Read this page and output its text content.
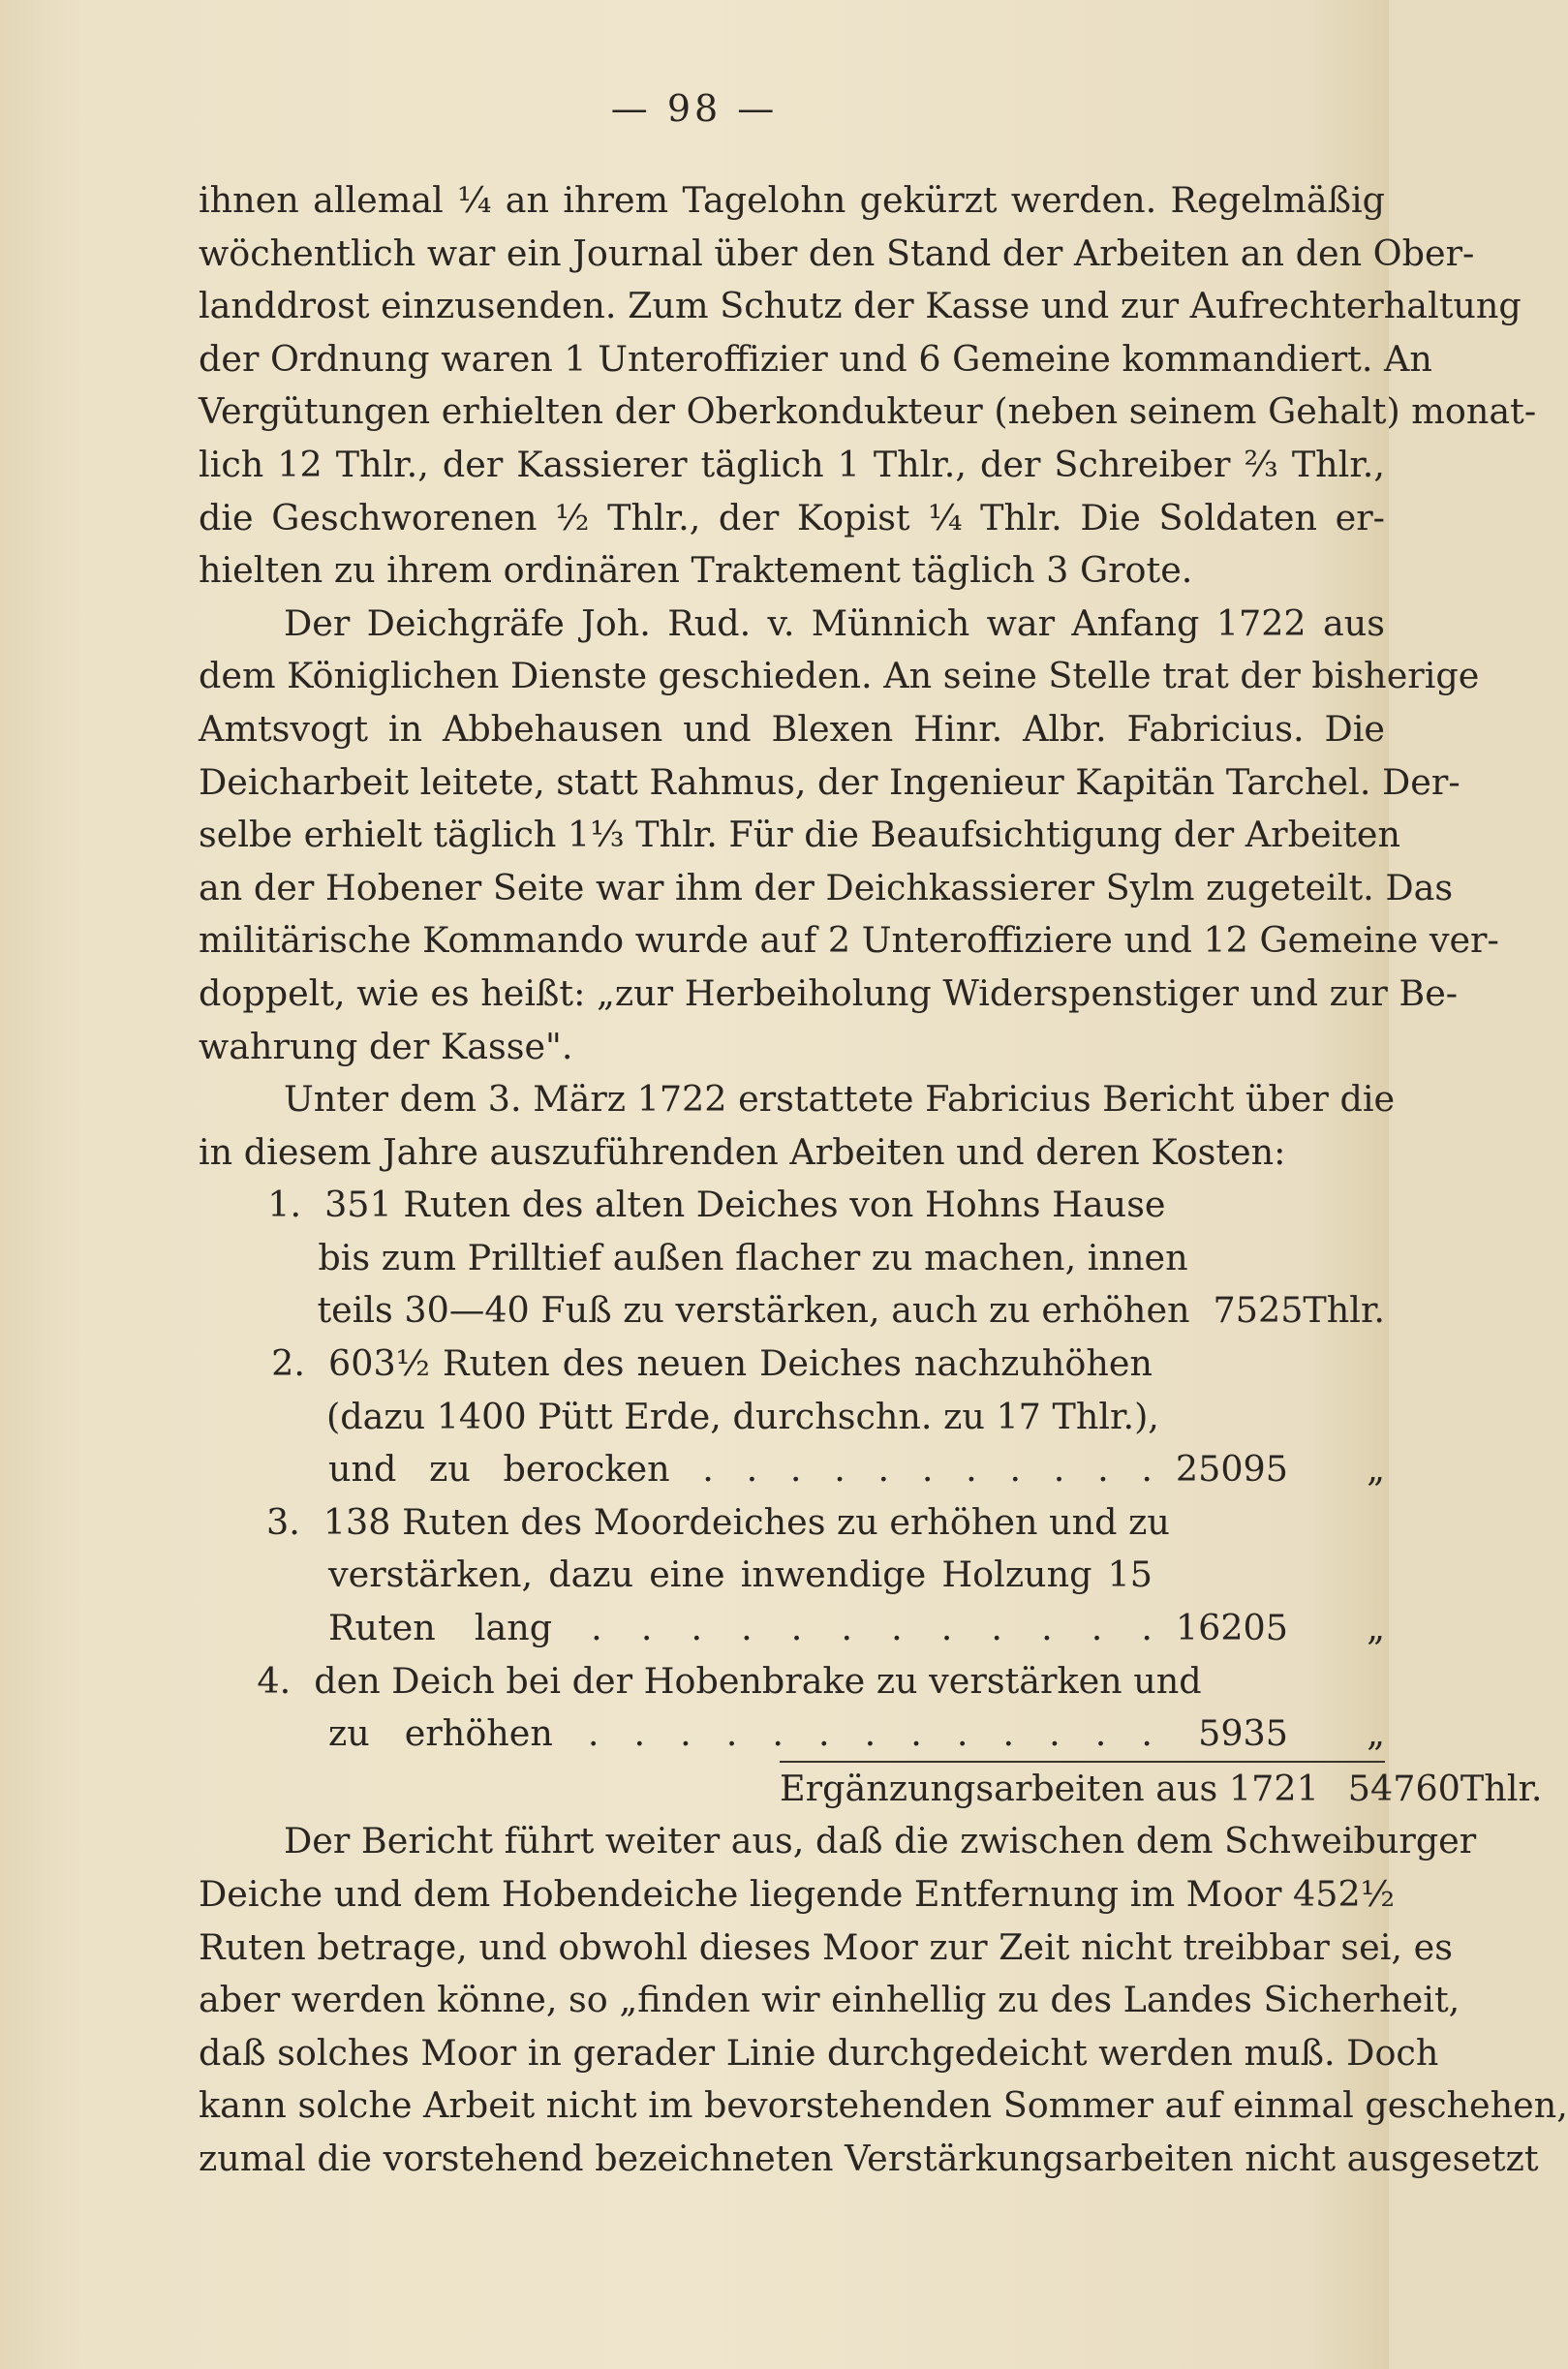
— 98 —
ihnen allemal ¼ an ihrem Tagelohn gekürzt werden. Regelmäßig
wöchentlich war ein Journal über den Stand der Arbeiten an den Ober-
landdrost einzusenden. Zum Schutz der Kasse und zur Aufrechterhaltung
der Ordnung waren 1 Unteroffizier und 6 Gemeine kommandiert. An
Vergütungen erhielten der Oberkondukteur (neben seinem Gehalt) monat-
lich 12 Thlr., der Kassierer täglich 1 Thlr., der Schreiber ⅔ Thlr.,
die Geschworenen ½ Thlr., der Kopist ¼ Thlr. Die Soldaten er-
hielten zu ihrem ordinären Traktement täglich 3 Grote.
Der Deichgräfe Joh. Rud. v. Münnich war Anfang 1722 aus
dem Königlichen Dienste geschieden. An seine Stelle trat der bisherige
Amtsvogt in Abbehausen und Blexen Hinr. Albr. Fabricius. Die
Deicharbeit leitete, statt Rahmus, der Ingenieur Kapitän Tarchel. Der-
selbe erhielt täglich 1⅓ Thlr. Für die Beaufsichtigung der Arbeiten
an der Hobener Seite war ihm der Deichkassierer Sylm zugeteilt. Das
militärische Kommando wurde auf 2 Unteroffiziere und 12 Gemeine ver-
doppelt, wie es heißt: „zur Herbeiholung Widerspenstiger und zur Be-
wahrung der Kasse".
Unter dem 3. März 1722 erstattete Fabricius Bericht über die
in diesem Jahre auszuführenden Arbeiten und deren Kosten:
1. 351 Ruten des alten Deiches von Hohns Hause
bis zum Prilltief außen flacher zu machen, innen
teils 30—40 Fuß zu verstärken, auch zu erhöhen 7525 Thlr.
2. 603½ Ruten des neuen Deiches nachzuhöhen
(dazu 1400 Pütt Erde, durchschn. zu 17 Thlr.),
und zu berocken . . . . . . . . . . . 25095	„
3. 138 Ruten des Moordeiches zu erhöhen und zu
verstärken, dazu eine inwendige Holzung 15
Ruten lang . . . . . . . . . . . . 16205	„
4. den Deich bei der Hobenbrake zu verstärken und
zu erhöhen . . . . . . . . . . . . .	5935	„
Ergänzungsarbeiten aus 1721 54760 Thlr.
Der Bericht führt weiter aus, daß die zwischen dem Schweiburger
Deiche und dem Hobendeiche liegende Entfernung im Moor 452½
Ruten betrage, und obwohl dieses Moor zur Zeit nicht treibbar sei, es
aber werden könne, so „finden wir einhellig zu des Landes Sicherheit,
daß solches Moor in gerader Linie durchgedeicht werden muß. Doch
kann solche Arbeit nicht im bevorstehenden Sommer auf einmal geschehen,
zumal die vorstehend bezeichneten Verstärkungsarbeiten nicht ausgesetzt
